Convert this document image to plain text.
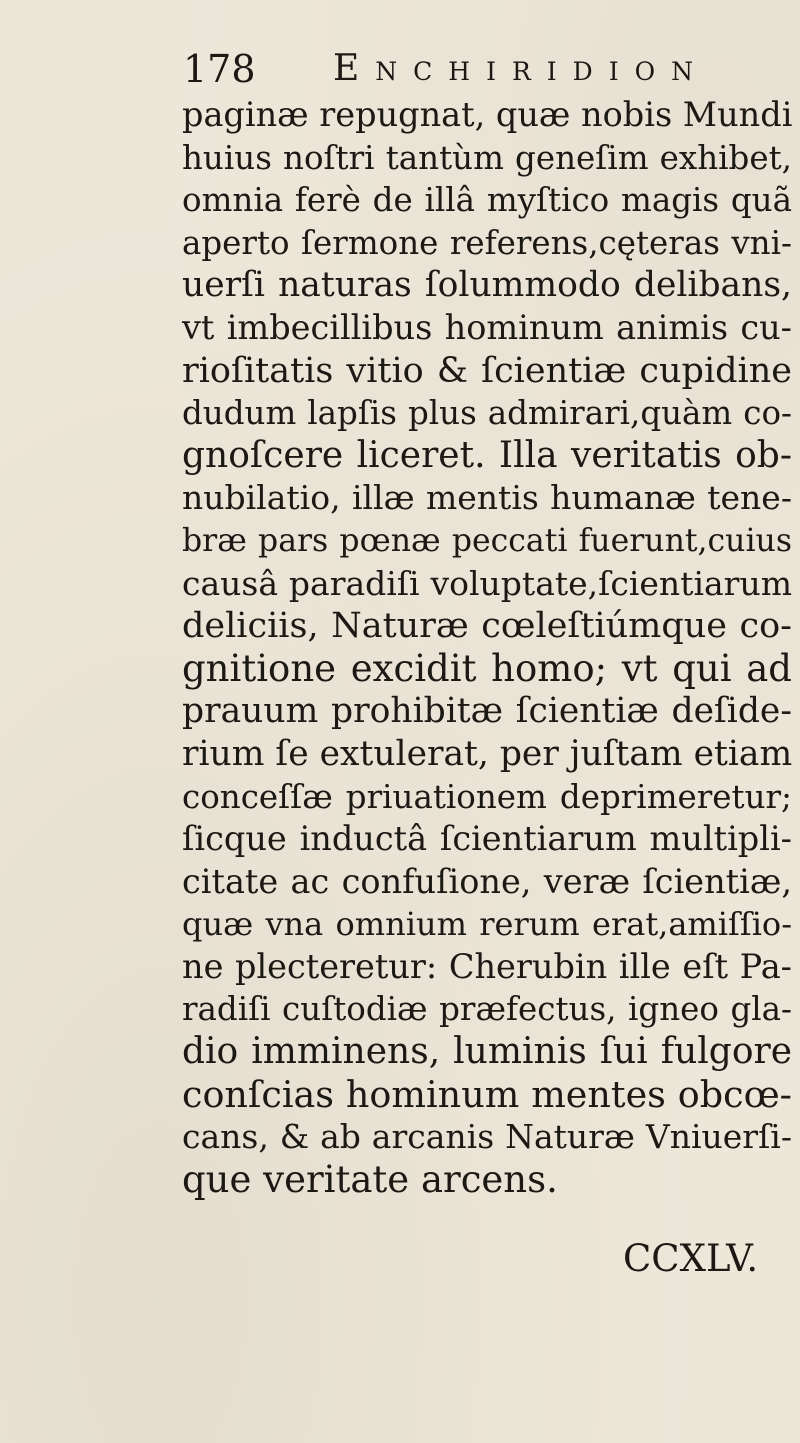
178 Enchiridion
paginæ repugnat, quæ nobis Mundi
huius noſtri tantùm geneſim exhibet,
omnia ferè de illâ myſtico magis quã
aperto ſermone referens,cęteras vni-
uerſi naturas ſolummodo delibans,
vt imbecillibus hominum animis cu-
rioſitatis vitio & ſcientiæ cupidine
dudum lapſis plus admirari,quàm co-
gnoſcere liceret. Illa veritatis ob-
nubilatio, illæ mentis humanæ tene-
bræ pars pœnæ peccati fuerunt,cuius
causâ paradiſi voluptate,ſcientiarum
deliciis, Naturæ cœleſtiúmque co-
gnitione excidit homo; vt qui ad
prauum prohibitæ ſcientiæ deſide-
rium ſe extulerat, per juſtam etiam
conceſſæ priuationem deprimeretur;
ſicque inductâ ſcientiarum multipli-
citate ac confuſione, veræ ſcientiæ,
quæ vna omnium rerum erat,amiſſio-
ne plecteretur: Cherubin ille eſt Pa-
radiſi cuſtodiæ præfectus, igneo gla-
dio imminens, luminis ſui fulgore
conſcias hominum mentes obcœ-
cans, & ab arcanis Naturæ Vniuerſi-
que veritate arcens.
CCXLV.
